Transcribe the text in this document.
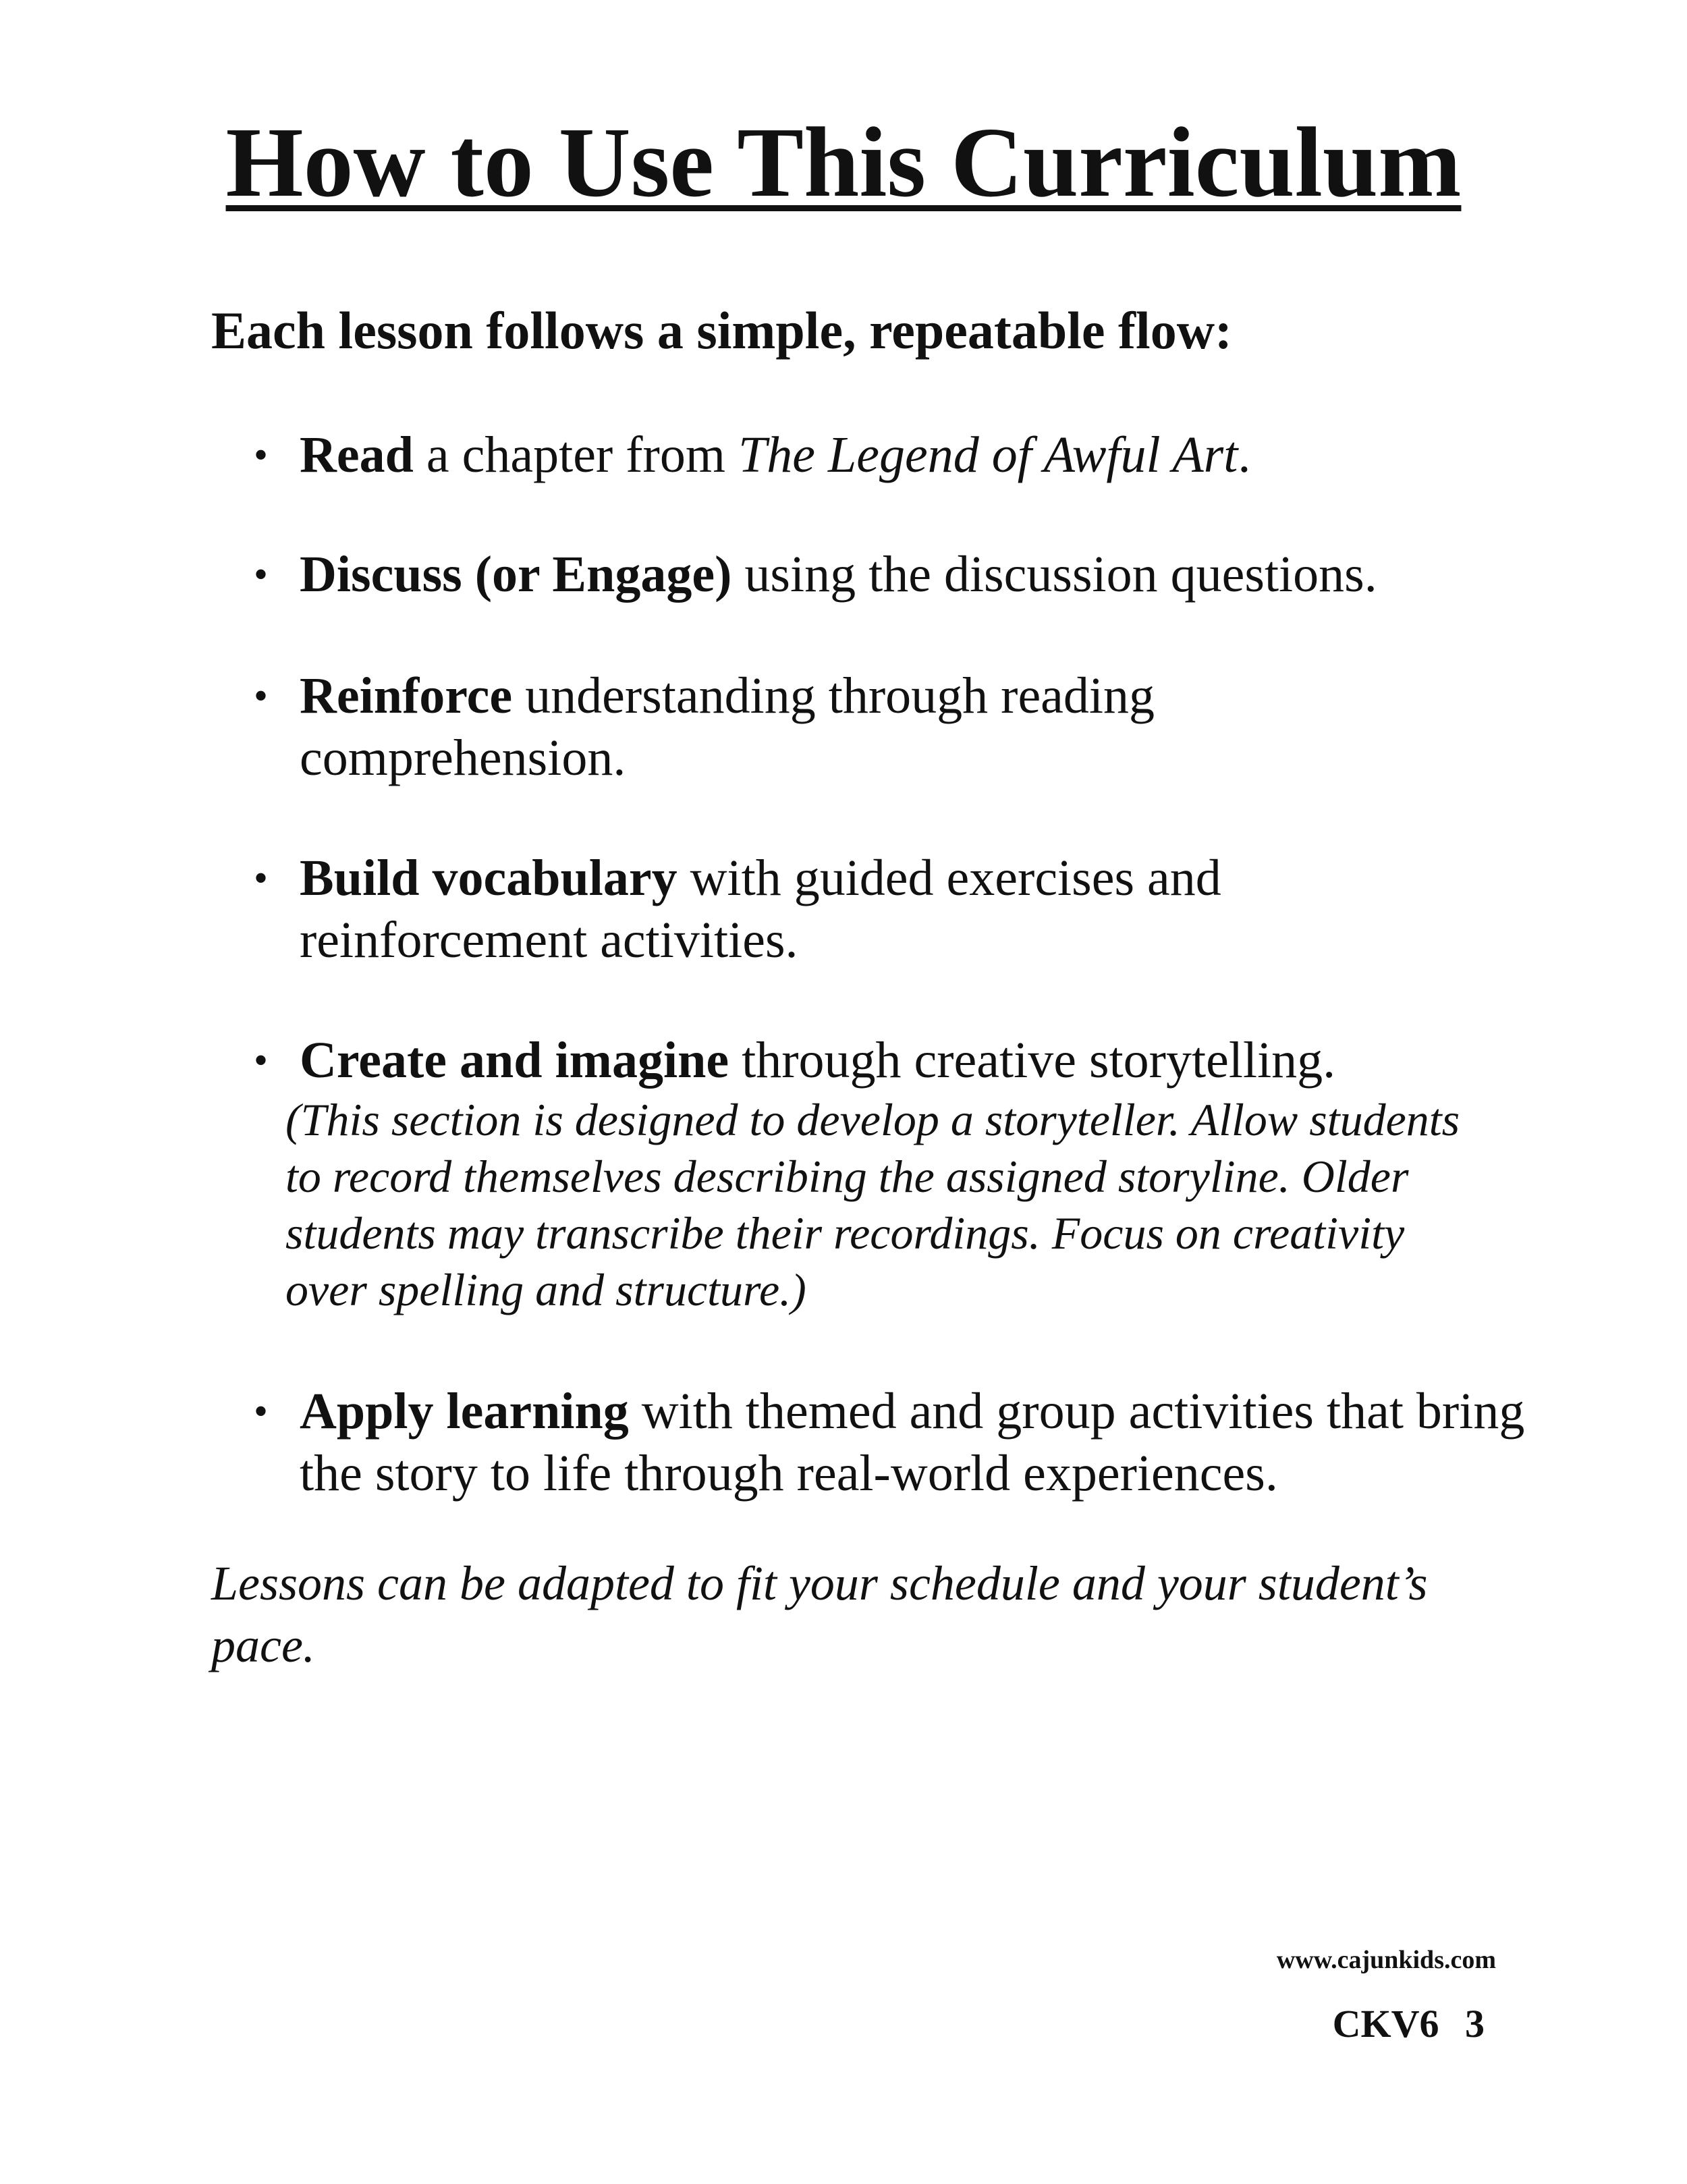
How to Use This Curriculum

Each lesson follows a simple, repeatable flow:

• Read a chapter from The Legend of Awful Art.
• Discuss (or Engage) using the discussion questions.
• Reinforce understanding through reading comprehension.
• Build vocabulary with guided exercises and reinforcement activities.
• Create and imagine through creative storytelling.
(This section is designed to develop a storyteller. Allow students to record themselves describing the assigned storyline. Older students may transcribe their recordings. Focus on creativity over spelling and structure.)
• Apply learning with themed and group activities that bring the story to life through real-world experiences.

Lessons can be adapted to fit your schedule and your student’s pace.

www.cajunkids.com
CKV6 3
